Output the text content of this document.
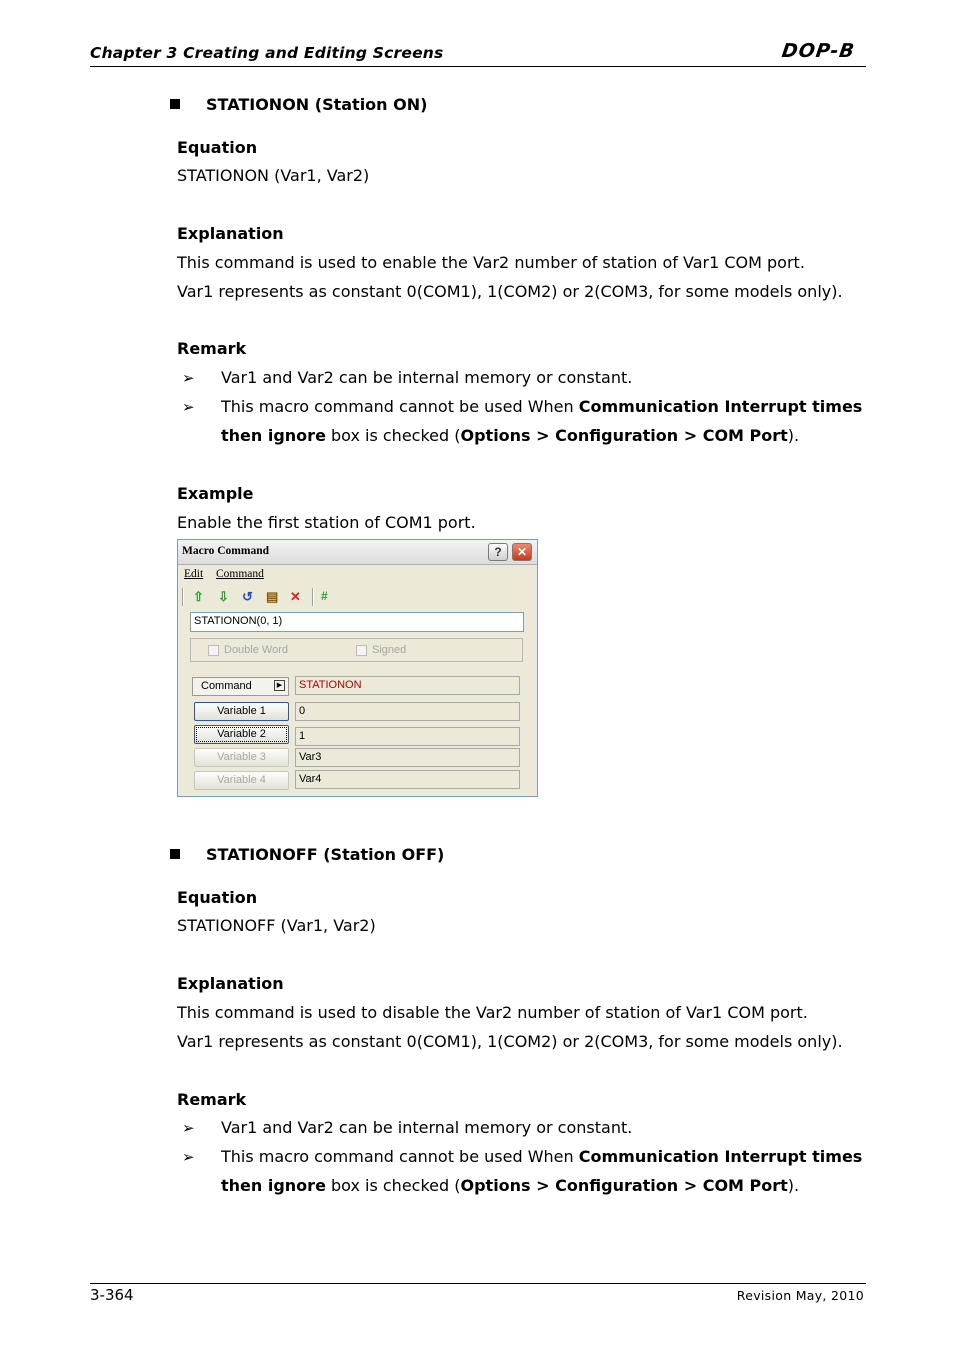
Chapter 3 Creating and Editing Screens	DOP-B
STATIONON (Station ON)
Equation
STATIONON (Var1, Var2)
Explanation
This command is used to enable the Var2 number of station of Var1 COM port.
Var1 represents as constant 0(COM1), 1(COM2) or 2(COM3, for some models only).
Remark
➢ Var1 and Var2 can be internal memory or constant.
➢ This macro command cannot be used When Communication Interrupt times
then ignore box is checked (Options > Configuration > COM Port).
Example
Enable the first station of COM1 port.
Macro Command	?	✕
Edit Command
⇧ ⇩ ↺ ▤ ✕ #
STATIONON(0, 1)
Double Word	Signed
Command	▶	STATIONON
Variable 1	0
Variable 2	1
Variable 3	Var3
Variable 4	Var4
STATIONOFF (Station OFF)
Equation
STATIONOFF (Var1, Var2)
Explanation
This command is used to disable the Var2 number of station of Var1 COM port.
Var1 represents as constant 0(COM1), 1(COM2) or 2(COM3, for some models only).
Remark
➢ Var1 and Var2 can be internal memory or constant.
➢ This macro command cannot be used When Communication Interrupt times
then ignore box is checked (Options > Configuration > COM Port).
3-364	Revision May, 2010
